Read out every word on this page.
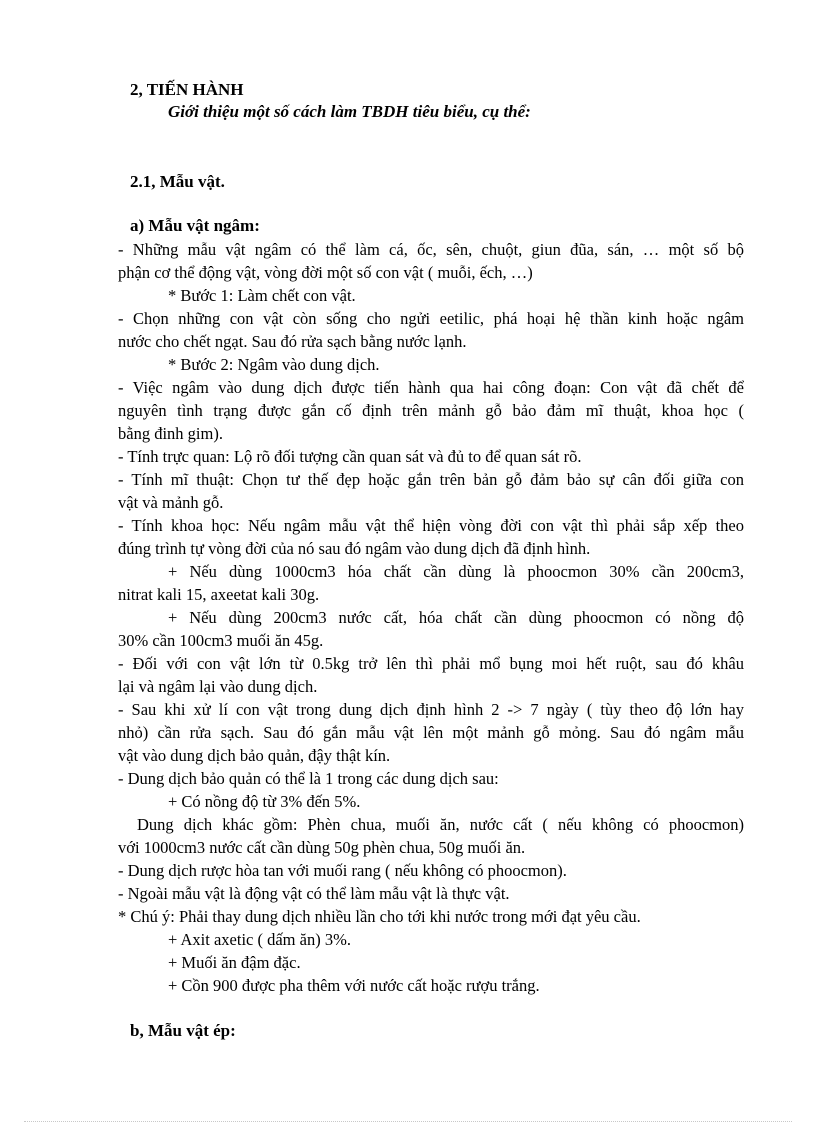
2, TIẾN HÀNH
Giới thiệu một số cách làm TBDH tiêu biểu, cụ thể:
2.1, Mẫu vật.
a) Mẫu vật ngâm:
- Những mẫu vật ngâm có thể làm cá, ốc, sên, chuột, giun đũa, sán, … một số bộ
phận cơ thể động vật, vòng đời một số con vật ( muỗi, ếch, …)
* Bước 1: Làm chết con vật.
- Chọn những con vật còn sống cho ngửi eetilic, phá hoại hệ thần kinh hoặc ngâm
nước cho chết ngạt. Sau đó rửa sạch bằng nước lạnh.
* Bước 2: Ngâm vào dung dịch.
- Việc ngâm vào dung dịch được tiến hành qua hai công đoạn: Con vật đã chết để
nguyên tình trạng được gắn cố định trên mảnh gỗ bảo đảm mĩ thuật, khoa học (
bằng đinh gim).
- Tính trực quan: Lộ rõ đối tượng cần quan sát và đủ to để quan sát rõ.
- Tính mĩ thuật: Chọn tư thế đẹp hoặc gắn trên bản gỗ đảm bảo sự cân đối giữa con
vật và mảnh gỗ.
- Tính khoa học: Nếu ngâm mẫu vật thể hiện vòng đời con vật thì phải sắp xếp theo
đúng trình tự vòng đời của nó sau đó ngâm vào dung dịch đã định hình.
+ Nếu dùng 1000cm3 hóa chất cần dùng là phoocmon 30% cần 200cm3,
nitrat kali 15, axeetat kali 30g.
+ Nếu dùng 200cm3 nước cất, hóa chất cần dùng phoocmon có nồng độ
30% cần 100cm3 muối ăn 45g.
- Đối với con vật lớn từ 0.5kg trở lên thì phải mổ bụng moi hết ruột, sau đó khâu
lại và ngâm lại vào dung dịch.
- Sau khi xử lí con vật trong dung dịch định hình 2 -> 7 ngày ( tùy theo độ lớn hay
nhỏ) cần rửa sạch. Sau đó gắn mẫu vật lên một mảnh gỗ mỏng. Sau đó ngâm mẫu
vật vào dung dịch bảo quản, đậy thật kín.
- Dung dịch bảo quản có thể là 1 trong các dung dịch sau:
+ Có nồng độ từ 3% đến 5%.
Dung dịch khác gồm: Phèn chua, muối ăn, nước cất ( nếu không có phoocmon)
với 1000cm3 nước cất cần dùng 50g phèn chua, 50g muối ăn.
- Dung dịch rược hòa tan với muối rang ( nếu không có phoocmon).
- Ngoài mẫu vật là động vật có thể làm mẫu vật là thực vật.
* Chú ý: Phải thay dung dịch nhiều lần cho tới khi nước trong mới đạt yêu cầu.
+ Axit axetic ( dấm ăn) 3%.
+ Muối ăn đậm đặc.
+ Cồn 900 được pha thêm với nước cất hoặc rượu trắng.
b, Mẫu vật ép:
